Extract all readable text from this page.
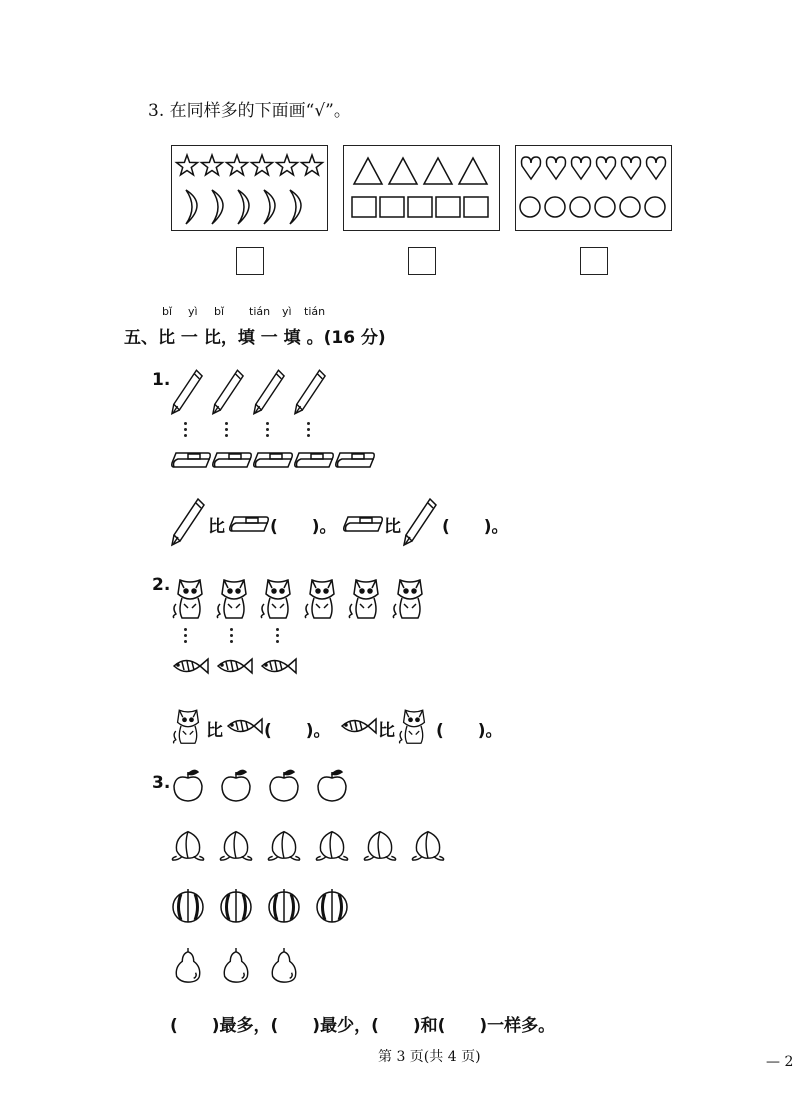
3. 在同样多的下面画“√”。
bǐ yì bǐ tián yì tián
五、比 一 比，填 一 填 。(16 分)
1.
比	(　　)。	比 (　　)。
2.
比 (　　)。	比 (　　)。
3.
(　　)最多，(　　)最少，(　　)和(　　)一样多。
第 3 页(共 4 页)	— 2
